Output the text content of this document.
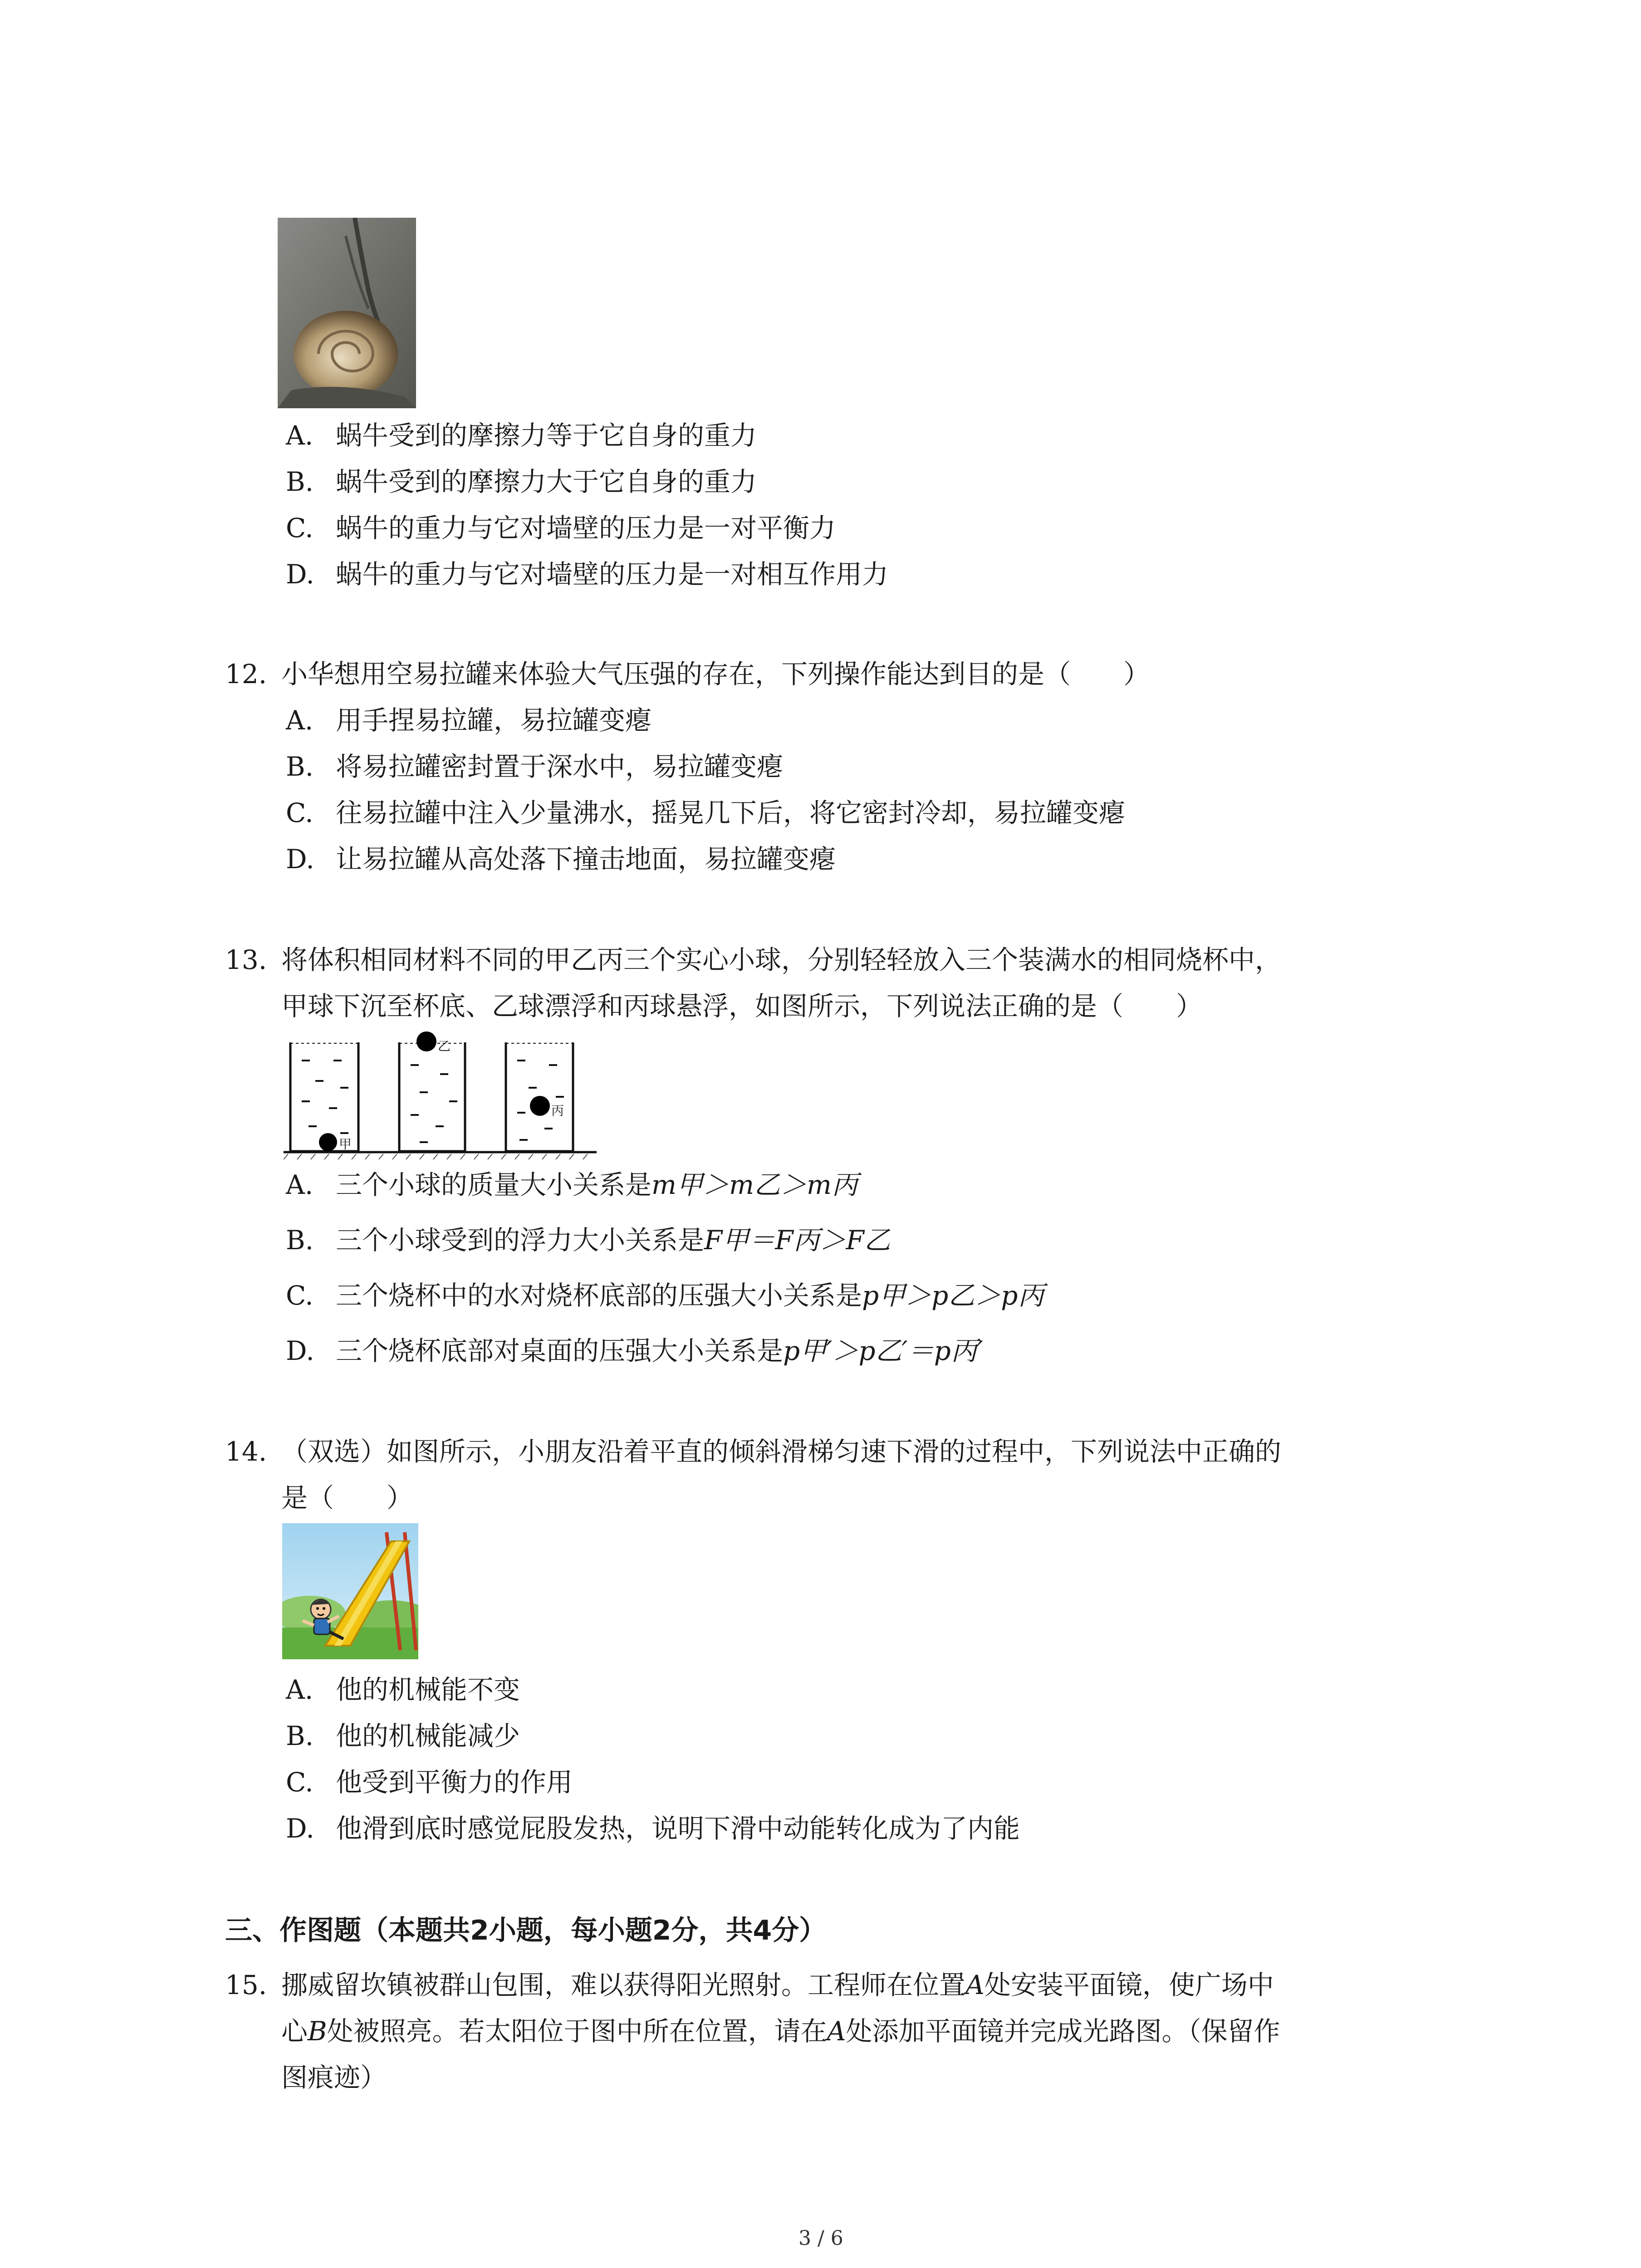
A. 蜗牛受到的摩擦力等于它自身的重力
B. 蜗牛受到的摩擦力大于它自身的重力
C. 蜗牛的重力与它对墙壁的压力是一对平衡力
D. 蜗牛的重力与它对墙壁的压力是一对相互作用力
12. 小华想用空易拉罐来体验大气压强的存在，下列操作能达到目的是（　　）
A. 用手捏易拉罐，易拉罐变瘪
B. 将易拉罐密封置于深水中，易拉罐变瘪
C. 往易拉罐中注入少量沸水，摇晃几下后，将它密封冷却，易拉罐变瘪
D. 让易拉罐从高处落下撞击地面，易拉罐变瘪
13. 将体积相同材料不同的甲乙丙三个实心小球，分别轻轻放入三个装满水的相同烧杯中，
甲球下沉至杯底、乙球漂浮和丙球悬浮，如图所示，下列说法正确的是（　　）
甲
乙
丙
A. 三个小球的质量大小关系是m甲＞m乙＞m丙
B. 三个小球受到的浮力大小关系是F甲＝F丙＞F乙
C. 三个烧杯中的水对烧杯底部的压强大小关系是p甲＞p乙＞p丙
D. 三个烧杯底部对桌面的压强大小关系是p甲′＞p乙′＝p丙′
14. （双选）如图所示，小朋友沿着平直的倾斜滑梯匀速下滑的过程中，下列说法中正确的
是（　　）
A. 他的机械能不变
B. 他的机械能减少
C. 他受到平衡力的作用
D. 他滑到底时感觉屁股发热，说明下滑中动能转化成为了内能
三、作图题（本题共2小题，每小题2分，共4分）
15. 挪威留坎镇被群山包围，难以获得阳光照射。工程师在位置A处安装平面镜，使广场中
心B处被照亮。若太阳位于图中所在位置，请在A处添加平面镜并完成光路图。（保留作
图痕迹）
3 / 6
